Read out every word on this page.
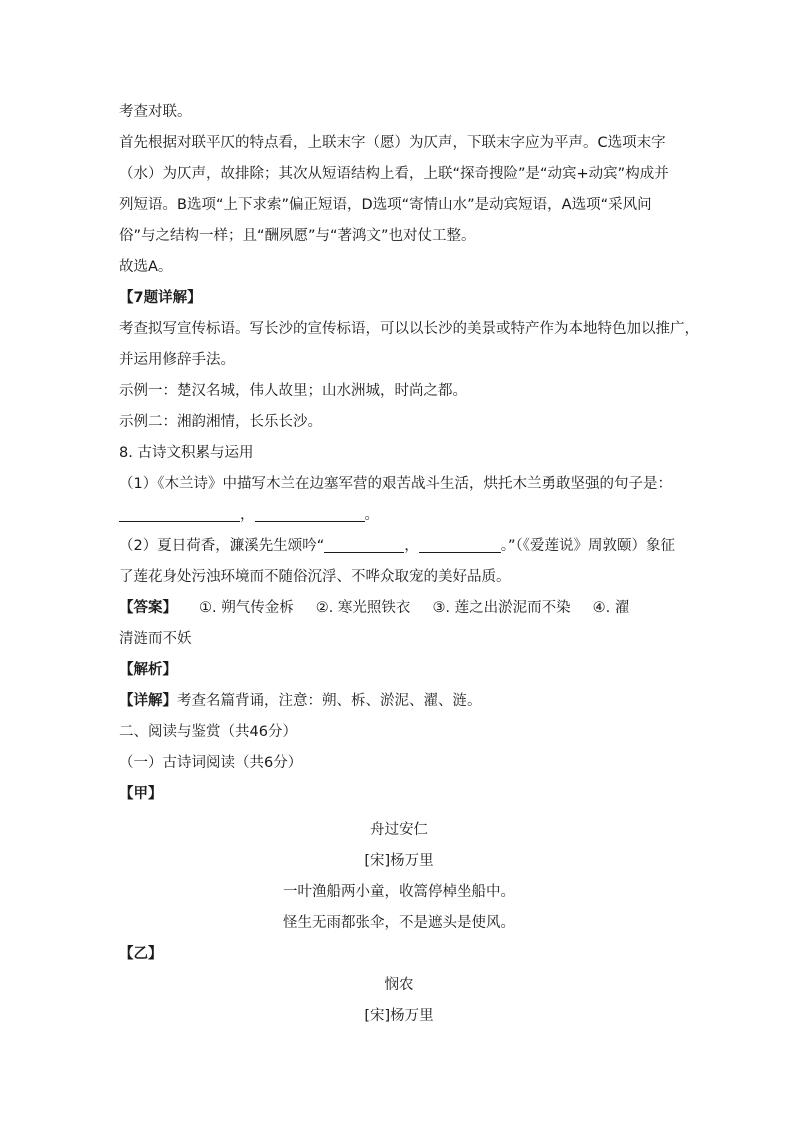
考查对联。
首先根据对联平仄的特点看，上联末字（愿）为仄声，下联末字应为平声。C选项末字
（水）为仄声，故排除；其次从短语结构上看，上联“探奇搜险”是“动宾+动宾”构成并
列短语。B选项“上下求索”偏正短语，D选项“寄情山水”是动宾短语，A选项“采风问
俗”与之结构一样；且“酬夙愿”与“著鸿文”也对仗工整。
故选A。
【7题详解】
考查拟写宣传标语。写长沙的宣传标语，可以以长沙的美景或特产作为本地特色加以推广，
并运用修辞手法。
示例一：楚汉名城，伟人故里；山水洲城，时尚之都。
示例二：湘韵湘情，长乐长沙。
8. 古诗文积累与运用
（1）《木兰诗》中描写木兰在边塞军营的艰苦战斗生活，烘托木兰勇敢坚强的句子是：
，	。
（2）夏日荷香，濂溪先生颂吟“	，	。”（《爱莲说》周敦颐）象征
了莲花身处污浊环境而不随俗沉浮、不哗众取宠的美好品质。
【答案】 ①. 朔气传金柝 ②. 寒光照铁衣 ③. 莲之出淤泥而不染 ④. 濯
清涟而不妖
【解析】
【详解】考查名篇背诵，注意：朔、柝、淤泥、濯、涟。
二、阅读与鉴赏（共46分）
（一）古诗词阅读（共6分）
【甲】
舟过安仁
[宋]杨万里
一叶渔船两小童，收篙停棹坐船中。
怪生无雨都张伞，不是遮头是使风。
【乙】
悯农
[宋]杨万里
